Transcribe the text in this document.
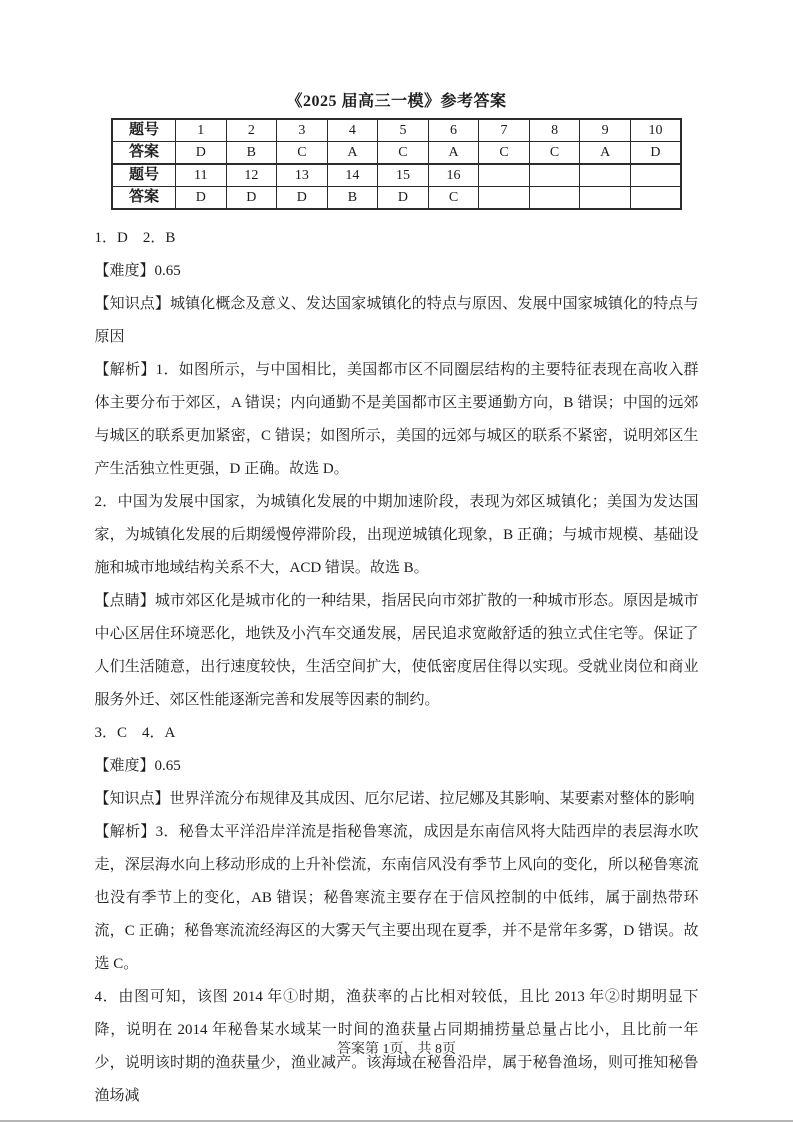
《2025 届高三一模》参考答案
题号	1	2	3	4	5	6	7	8	9	10
答案	D	B	C	A	C	A	C	C	A	D
题号	11	12	13	14	15	16				
答案	D	D	D	B	D	C				

1．D    2．B

【难度】0.65

【知识点】城镇化概念及意义、发达国家城镇化的特点与原因、发展中国家城镇化的特点与原因

【解析】1．如图所示，与中国相比，美国都市区不同圈层结构的主要特征表现在高收入群体主要分布于郊区，A 错误；内向通勤不是美国都市区主要通勤方向，B 错误；中国的远郊与城区的联系更加紧密，C 错误；如图所示，美国的远郊与城区的联系不紧密，说明郊区生产生活独立性更强，D 正确。故选 D。

2．中国为发展中国家，为城镇化发展的中期加速阶段，表现为郊区城镇化；美国为发达国家，为城镇化发展的后期缓慢停滞阶段，出现逆城镇化现象，B 正确；与城市规模、基础设施和城市地域结构关系不大，ACD 错误。故选 B。

【点睛】城市郊区化是城市化的一种结果，指居民向市郊扩散的一种城市形态。原因是城市中心区居住环境恶化，地铁及小汽车交通发展，居民追求宽敞舒适的独立式住宅等。保证了人们生活随意，出行速度较快，生活空间扩大，使低密度居住得以实现。受就业岗位和商业服务外迁、郊区性能逐渐完善和发展等因素的制约。

3．C    4．A

【难度】0.65

【知识点】世界洋流分布规律及其成因、厄尔尼诺、拉尼娜及其影响、某要素对整体的影响

【解析】3．秘鲁太平洋沿岸洋流是指秘鲁寒流，成因是东南信风将大陆西岸的表层海水吹走，深层海水向上移动形成的上升补偿流，东南信风没有季节上风向的变化，所以秘鲁寒流也没有季节上的变化，AB 错误；秘鲁寒流主要存在于信风控制的中低纬，属于副热带环流，C 正确；秘鲁寒流流经海区的大雾天气主要出现在夏季，并不是常年多雾，D 错误。故选 C。

4．由图可知，该图 2014 年①时期，渔获率的占比相对较低，且比 2013 年②时期明显下降，说明在 2014 年秘鲁某水域某一时间的渔获量占同期捕捞量总量占比小，且比前一年少，说明该时期的渔获量少，渔业减产。该海域在秘鲁沿岸，属于秘鲁渔场，则可推知秘鲁渔场减

答案第 1页，共 8页
